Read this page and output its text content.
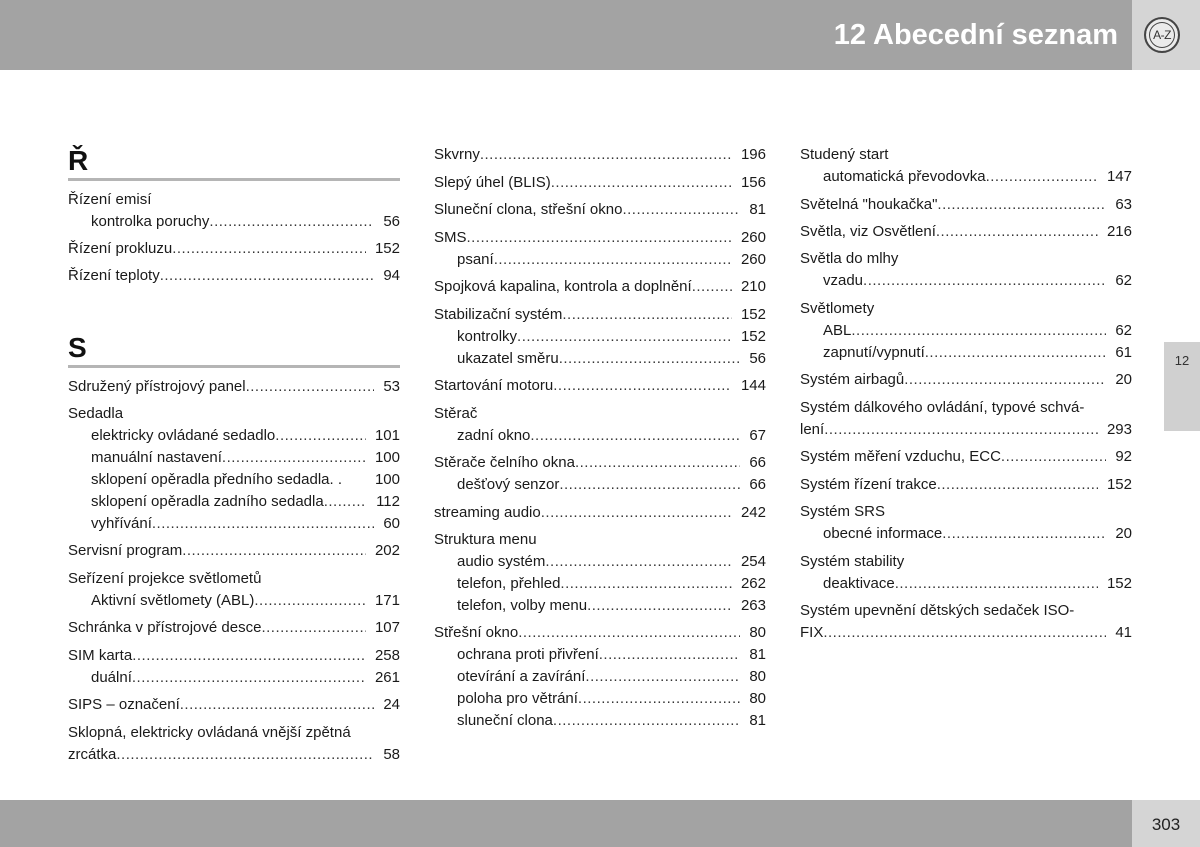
12 Abecední seznam	A-Z
12
Ř
Řízení emisí
kontrolka poruchy .....	56
Řízení prokluzu .....	152
Řízení teploty .....	94
S
Sdružený přístrojový panel .....	53
Sedadla
elektricky ovládané sedadlo .....	101
manuální nastavení .....	100
sklopení opěradla předního sedadla. .	100
sklopení opěradla zadního sedadla .....	112
vyhřívání .....	60
Servisní program .....	202
Seřízení projekce světlometů
Aktivní světlomety (ABL) .....	171
Schránka v přístrojové desce .....	107
SIM karta .....	258
duální .....	261
SIPS – označení .....	24
Sklopná, elektricky ovládaná vnější zpětná
zrcátka .....	58
Skvrny .....	196
Slepý úhel (BLIS) .....	156
Sluneční clona, střešní okno .....	81
SMS .....	260
psaní .....	260
Spojková kapalina, kontrola a doplnění .....	210
Stabilizační systém .....	152
kontrolky .....	152
ukazatel směru .....	56
Startování motoru .....	144
Stěrač
zadní okno .....	67
Stěrače čelního okna .....	66
dešťový senzor .....	66
streaming audio .....	242
Struktura menu
audio systém .....	254
telefon, přehled .....	262
telefon, volby menu .....	263
Střešní okno .....	80
ochrana proti přivření .....	81
otevírání a zavírání .....	80
poloha pro větrání .....	80
sluneční clona .....	81
Studený start
automatická převodovka .....	147
Světelná "houkačka" .....	63
Světla, viz Osvětlení .....	216
Světla do mlhy
vzadu .....	62
Světlomety
ABL .....	62
zapnutí/vypnutí .....	61
Systém airbagů .....	20
Systém dálkového ovládání, typové schvá-
lení .....	293
Systém měření vzduchu, ECC .....	92
Systém řízení trakce .....	152
Systém SRS
obecné informace .....	20
Systém stability
deaktivace .....	152
Systém upevnění dětských sedaček ISO-
FIX .....	41
303
